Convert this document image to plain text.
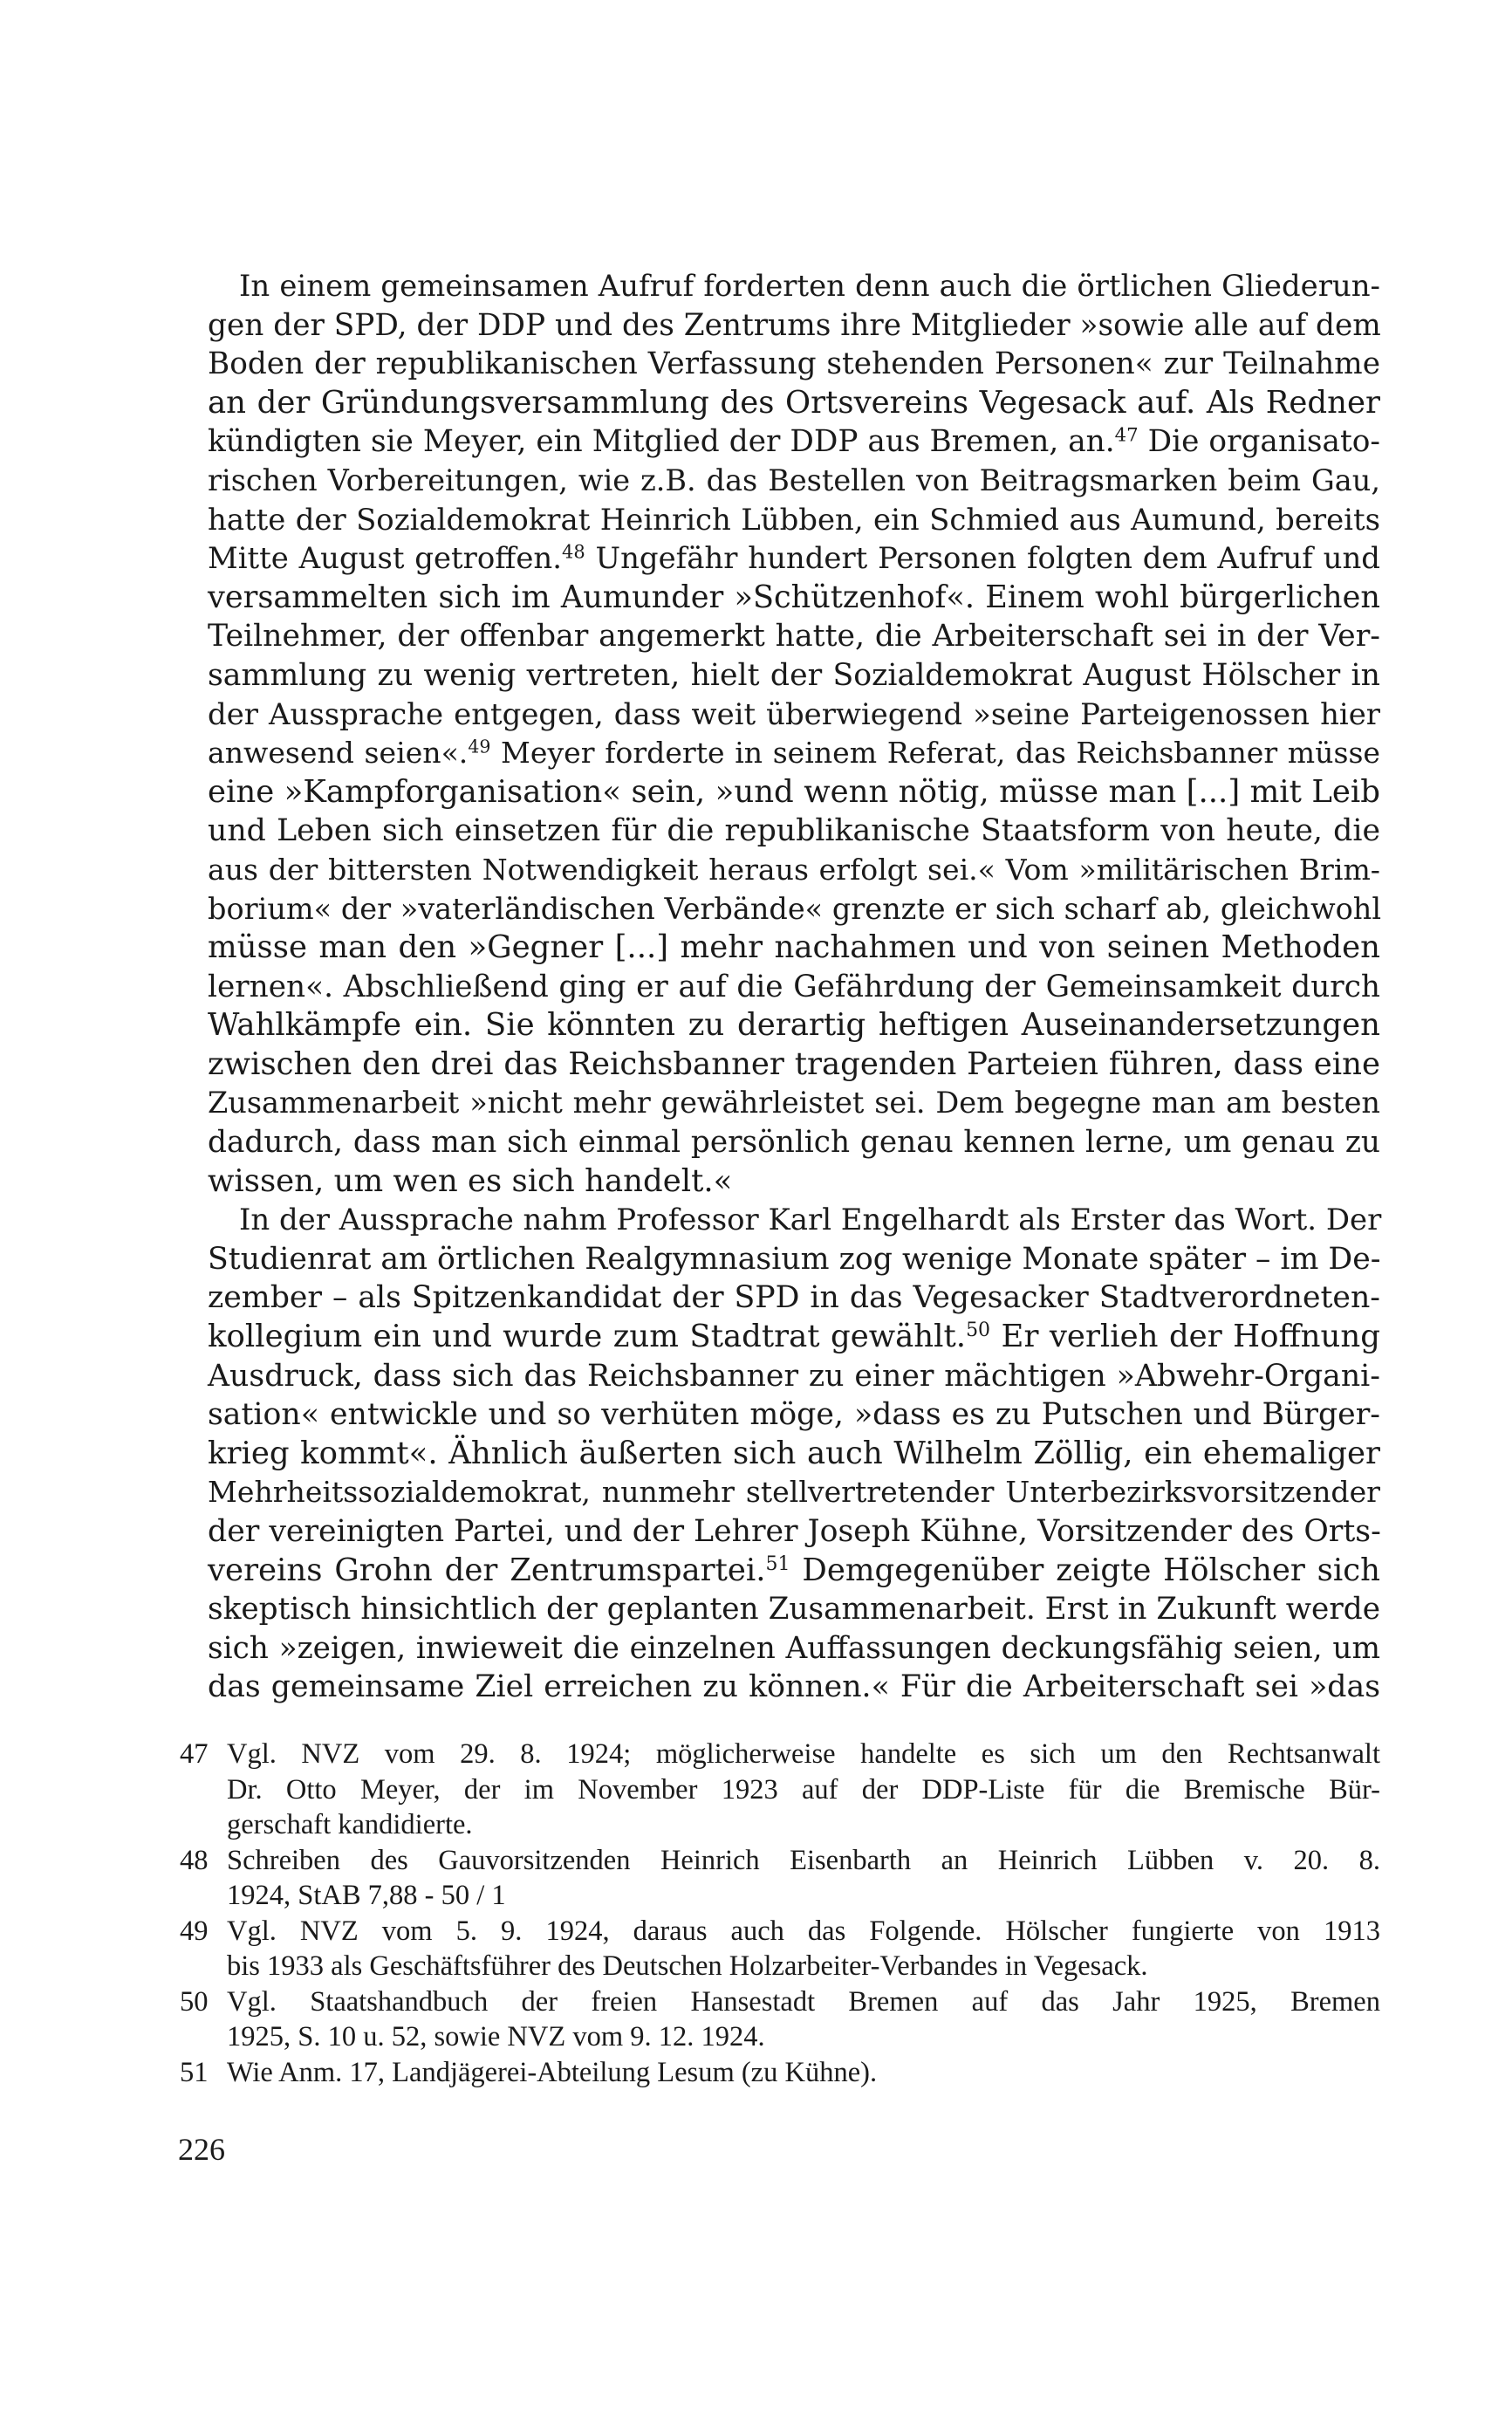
In einem gemeinsamen Aufruf forderten denn auch die örtlichen Gliederun-
gen der SPD, der DDP und des Zentrums ihre Mitglieder »sowie alle auf dem
Boden der republikanischen Verfassung stehenden Personen« zur Teilnahme
an der Gründungsversammlung des Ortsvereins Vegesack auf. Als Redner
kündigten sie Meyer, ein Mitglied der DDP aus Bremen, an.$^{47}$ Die organisato-
rischen Vorbereitungen, wie z.B. das Bestellen von Beitragsmarken beim Gau,
hatte der Sozialdemokrat Heinrich Lübben, ein Schmied aus Aumund, bereits
Mitte August getroffen.$^{48}$ Ungefähr hundert Personen folgten dem Aufruf und
versammelten sich im Aumunder »Schützenhof«. Einem wohl bürgerlichen
Teilnehmer, der offenbar angemerkt hatte, die Arbeiterschaft sei in der Ver-
sammlung zu wenig vertreten, hielt der Sozialdemokrat August Hölscher in
der Aussprache entgegen, dass weit überwiegend »seine Parteigenossen hier
anwesend seien«.$^{49}$ Meyer forderte in seinem Referat, das Reichsbanner müsse
eine »Kampforganisation« sein, »und wenn nötig, müsse man [...] mit Leib
und Leben sich einsetzen für die republikanische Staatsform von heute, die
aus der bittersten Notwendigkeit heraus erfolgt sei.« Vom »militärischen Brim-
borium« der »vaterländischen Verbände« grenzte er sich scharf ab, gleichwohl
müsse man den »Gegner [...] mehr nachahmen und von seinen Methoden
lernen«. Abschließend ging er auf die Gefährdung der Gemeinsamkeit durch
Wahlkämpfe ein. Sie könnten zu derartig heftigen Auseinandersetzungen
zwischen den drei das Reichsbanner tragenden Parteien führen, dass eine
Zusammenarbeit »nicht mehr gewährleistet sei. Dem begegne man am besten
dadurch, dass man sich einmal persönlich genau kennen lerne, um genau zu
wissen, um wen es sich handelt.«
In der Aussprache nahm Professor Karl Engelhardt als Erster das Wort. Der
Studienrat am örtlichen Realgymnasium zog wenige Monate später – im De-
zember – als Spitzenkandidat der SPD in das Vegesacker Stadtverordneten-
kollegium ein und wurde zum Stadtrat gewählt.$^{50}$ Er verlieh der Hoffnung
Ausdruck, dass sich das Reichsbanner zu einer mächtigen »Abwehr-Organi-
sation« entwickle und so verhüten möge, »dass es zu Putschen und Bürger-
krieg kommt«. Ähnlich äußerten sich auch Wilhelm Zöllig, ein ehemaliger
Mehrheitssozialdemokrat, nunmehr stellvertretender Unterbezirksvorsitzender
der vereinigten Partei, und der Lehrer Joseph Kühne, Vorsitzender des Orts-
vereins Grohn der Zentrumspartei.$^{51}$ Demgegenüber zeigte Hölscher sich
skeptisch hinsichtlich der geplanten Zusammenarbeit. Erst in Zukunft werde
sich »zeigen, inwieweit die einzelnen Auffassungen deckungsfähig seien, um
das gemeinsame Ziel erreichen zu können.« Für die Arbeiterschaft sei »das
47 Vgl. NVZ vom 29. 8. 1924; möglicherweise handelte es sich um den Rechtsanwalt
Dr. Otto Meyer, der im November 1923 auf der DDP-Liste für die Bremische Bür-
gerschaft kandidierte.
48 Schreiben des Gauvorsitzenden Heinrich Eisenbarth an Heinrich Lübben v. 20. 8.
1924, StAB 7,88 - 50 / 1
49 Vgl. NVZ vom 5. 9. 1924, daraus auch das Folgende. Hölscher fungierte von 1913
bis 1933 als Geschäftsführer des Deutschen Holzarbeiter-Verbandes in Vegesack.
50 Vgl. Staatshandbuch der freien Hansestadt Bremen auf das Jahr 1925, Bremen
1925, S. 10 u. 52, sowie NVZ vom 9. 12. 1924.
51 Wie Anm. 17, Landjägerei-Abteilung Lesum (zu Kühne).
226
